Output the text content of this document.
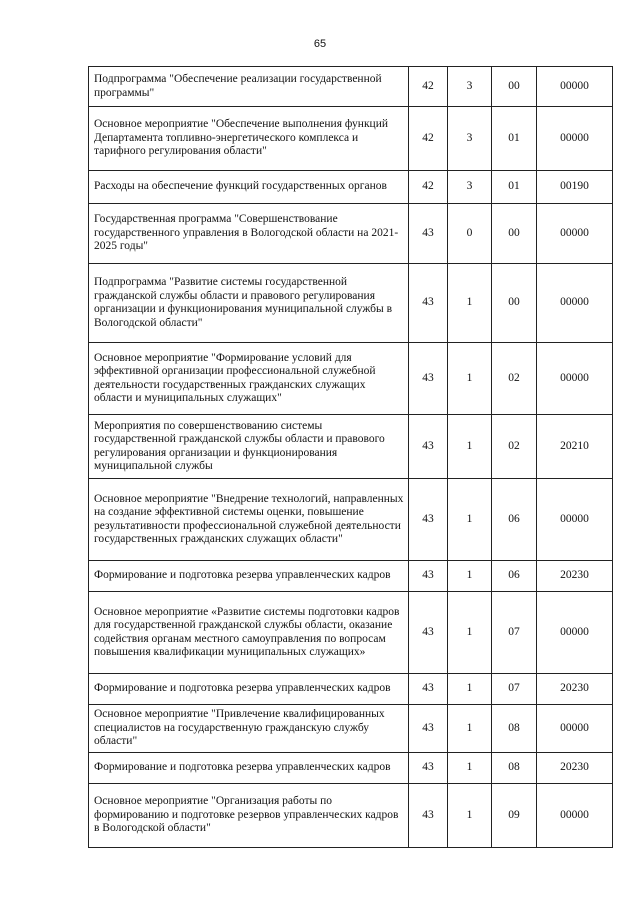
65
Подпрограмма "Обеспечение реализации государственной программы"	42	3	00	00000
Основное мероприятие "Обеспечение выполнения функций Департамента топливно-энергетического комплекса и тарифного регулирования области"	42	3	01	00000
Расходы на обеспечение функций государственных органов	42	3	01	00190
Государственная программа "Совершенствование государственного управления в Вологодской области на 2021-2025 годы"	43	0	00	00000
Подпрограмма "Развитие системы государственной гражданской службы области и правового регулирования организации и функционирования муниципальной службы в Вологодской области"	43	1	00	00000
Основное мероприятие "Формирование условий для эффективной организации профессиональной служебной деятельности государственных гражданских служащих области и муниципальных служащих"	43	1	02	00000
Мероприятия по совершенствованию системы государственной гражданской службы области и правового регулирования организации и функционирования муниципальной службы	43	1	02	20210
Основное мероприятие "Внедрение технологий, направленных на создание эффективной системы оценки, повышение результативности профессиональной служебной деятельности государственных гражданских служащих области"	43	1	06	00000
Формирование и подготовка резерва управленческих кадров	43	1	06	20230
Основное мероприятие «Развитие системы подготовки кадров для государственной гражданской службы области, оказание содействия органам местного самоуправления по вопросам повышения квалификации муниципальных служащих»	43	1	07	00000
Формирование и подготовка резерва управленческих кадров	43	1	07	20230
Основное мероприятие "Привлечение квалифицированных специалистов на государственную гражданскую службу области"	43	1	08	00000
Формирование и подготовка резерва управленческих кадров	43	1	08	20230
Основное мероприятие "Организация работы по формированию и подготовке резервов управленческих кадров в Вологодской области"	43	1	09	00000
